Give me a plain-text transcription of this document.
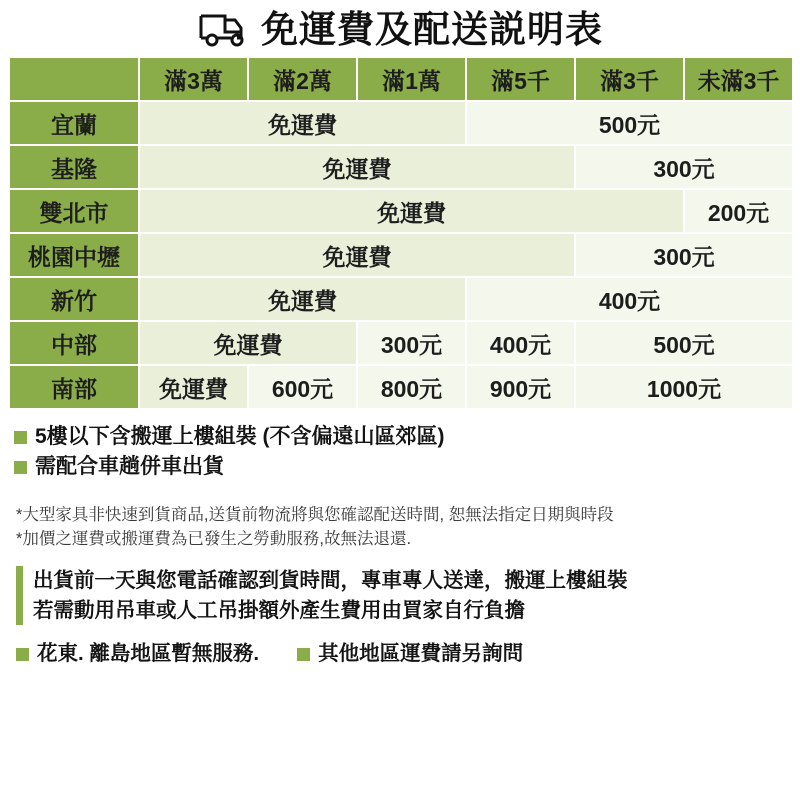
免運費及配送説明表
	滿3萬	滿2萬	滿1萬	滿5千	滿3千	未滿3千
宜蘭	免運費			500元		
基隆	免運費				300元	
雙北市	免運費					200元
桃園中壢	免運費				300元	
新竹	免運費			400元		
中部	免運費		300元	400元	500元	
南部	免運費	600元	800元	900元	1000元	
5樓以下含搬運上樓組裝 (不含偏遠山區郊區)
需配合車趟併車出貨
*大型家具非快速到貨商品,送貨前物流將與您確認配送時間, 恕無法指定日期與時段
*加價之運費或搬運費為已發生之勞動服務,故無法退還.
出貨前一天與您電話確認到貨時間，專車專人送達，搬運上樓組裝
若需動用吊車或人工吊掛額外產生費用由買家自行負擔
花東. 離島地區暫無服務.	其他地區運費請另詢問
